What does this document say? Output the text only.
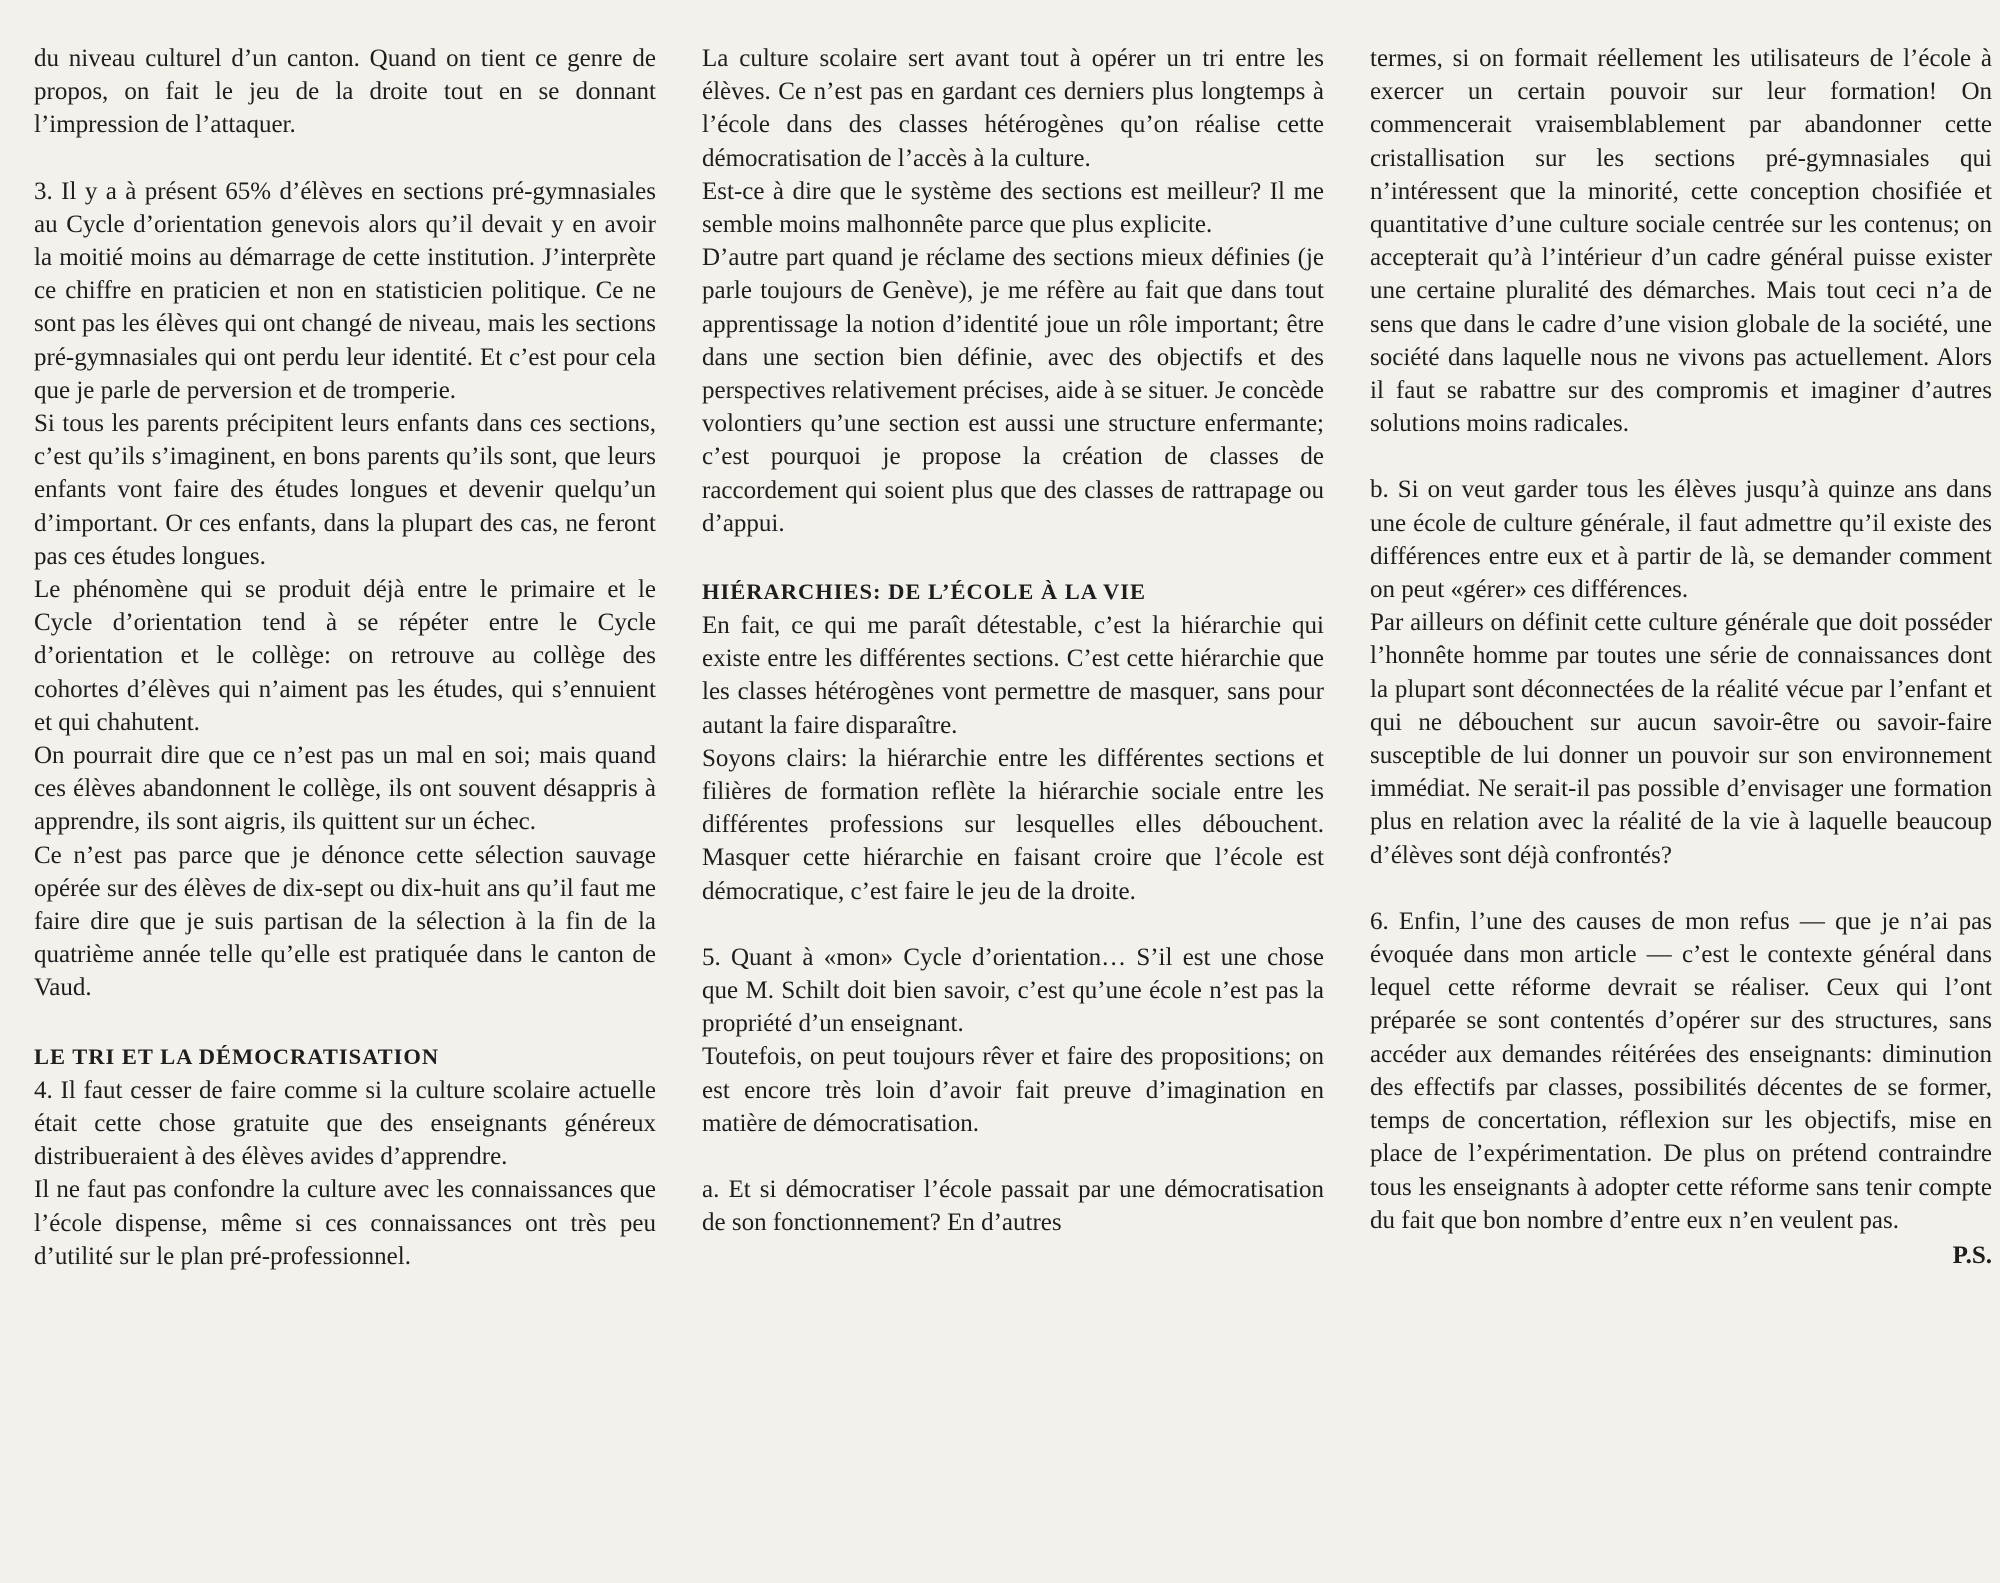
du niveau culturel d’un canton. Quand on tient ce genre de propos, on fait le jeu de la droite tout en se donnant l’impression de l’attaquer.

3. Il y a à présent 65% d’élèves en sections pré-gymnasiales au Cycle d’orientation genevois alors qu’il devait y en avoir la moitié moins au démarrage de cette institution. J’interprète ce chiffre en praticien et non en statisticien politique. Ce ne sont pas les élèves qui ont changé de niveau, mais les sections pré-gymnasiales qui ont perdu leur identité. Et c’est pour cela que je parle de perversion et de tromperie.

Si tous les parents précipitent leurs enfants dans ces sections, c’est qu’ils s’imaginent, en bons parents qu’ils sont, que leurs enfants vont faire des études longues et devenir quelqu’un d’important. Or ces enfants, dans la plupart des cas, ne feront pas ces études longues.

Le phénomène qui se produit déjà entre le primaire et le Cycle d’orientation tend à se répéter entre le Cycle d’orientation et le collège: on retrouve au collège des cohortes d’élèves qui n’aiment pas les études, qui s’ennuient et qui chahutent.

On pourrait dire que ce n’est pas un mal en soi; mais quand ces élèves abandonnent le collège, ils ont souvent désappris à apprendre, ils sont aigris, ils quittent sur un échec.

Ce n’est pas parce que je dénonce cette sélection sauvage opérée sur des élèves de dix-sept ou dix-huit ans qu’il faut me faire dire que je suis partisan de la sélection à la fin de la quatrième année telle qu’elle est pratiquée dans le canton de Vaud.

LE TRI ET LA DÉMOCRATISATION

4. Il faut cesser de faire comme si la culture scolaire actuelle était cette chose gratuite que des enseignants généreux distribueraient à des élèves avides d’apprendre.

Il ne faut pas confondre la culture avec les connaissances que l’école dispense, même si ces connaissances ont très peu d’utilité sur le plan pré-professionnel.

La culture scolaire sert avant tout à opérer un tri entre les élèves. Ce n’est pas en gardant ces derniers plus longtemps à l’école dans des classes hétérogènes qu’on réalise cette démocratisation de l’accès à la culture.

Est-ce à dire que le système des sections est meilleur? Il me semble moins malhonnête parce que plus explicite.

D’autre part quand je réclame des sections mieux définies (je parle toujours de Genève), je me réfère au fait que dans tout apprentissage la notion d’identité joue un rôle important; être dans une section bien définie, avec des objectifs et des perspectives relativement précises, aide à se situer. Je concède volontiers qu’une section est aussi une structure enfermante; c’est pourquoi je propose la création de classes de raccordement qui soient plus que des classes de rattrapage ou d’appui.

HIÉRARCHIES: DE L’ÉCOLE À LA VIE

En fait, ce qui me paraît détestable, c’est la hiérarchie qui existe entre les différentes sections. C’est cette hiérarchie que les classes hétérogènes vont permettre de masquer, sans pour autant la faire disparaître.

Soyons clairs: la hiérarchie entre les différentes sections et filières de formation reflète la hiérarchie sociale entre les différentes professions sur lesquelles elles débouchent. Masquer cette hiérarchie en faisant croire que l’école est démocratique, c’est faire le jeu de la droite.

5. Quant à «mon» Cycle d’orientation… S’il est une chose que M. Schilt doit bien savoir, c’est qu’une école n’est pas la propriété d’un enseignant.

Toutefois, on peut toujours rêver et faire des propositions; on est encore très loin d’avoir fait preuve d’imagination en matière de démocratisation.

a. Et si démocratiser l’école passait par une démocratisation de son fonctionnement? En d’autres

termes, si on formait réellement les utilisateurs de l’école à exercer un certain pouvoir sur leur formation! On commencerait vraisemblablement par abandonner cette cristallisation sur les sections pré-gymnasiales qui n’intéressent que la minorité, cette conception chosifiée et quantitative d’une culture sociale centrée sur les contenus; on accepterait qu’à l’intérieur d’un cadre général puisse exister une certaine pluralité des démarches. Mais tout ceci n’a de sens que dans le cadre d’une vision globale de la société, une société dans laquelle nous ne vivons pas actuellement. Alors il faut se rabattre sur des compromis et imaginer d’autres solutions moins radicales.

b. Si on veut garder tous les élèves jusqu’à quinze ans dans une école de culture générale, il faut admettre qu’il existe des différences entre eux et à partir de là, se demander comment on peut «gérer» ces différences.

Par ailleurs on définit cette culture générale que doit posséder l’honnête homme par toutes une série de connaissances dont la plupart sont déconnectées de la réalité vécue par l’enfant et qui ne débouchent sur aucun savoir-être ou savoir-faire susceptible de lui donner un pouvoir sur son environnement immédiat. Ne serait-il pas possible d’envisager une formation plus en relation avec la réalité de la vie à laquelle beaucoup d’élèves sont déjà confrontés?

6. Enfin, l’une des causes de mon refus — que je n’ai pas évoquée dans mon article — c’est le contexte général dans lequel cette réforme devrait se réaliser. Ceux qui l’ont préparée se sont contentés d’opérer sur des structures, sans accéder aux demandes réitérées des enseignants: diminution des effectifs par classes, possibilités décentes de se former, temps de concertation, réflexion sur les objectifs, mise en place de l’expérimentation. De plus on prétend contraindre tous les enseignants à adopter cette réforme sans tenir compte du fait que bon nombre d’entre eux n’en veulent pas.

P.S.
